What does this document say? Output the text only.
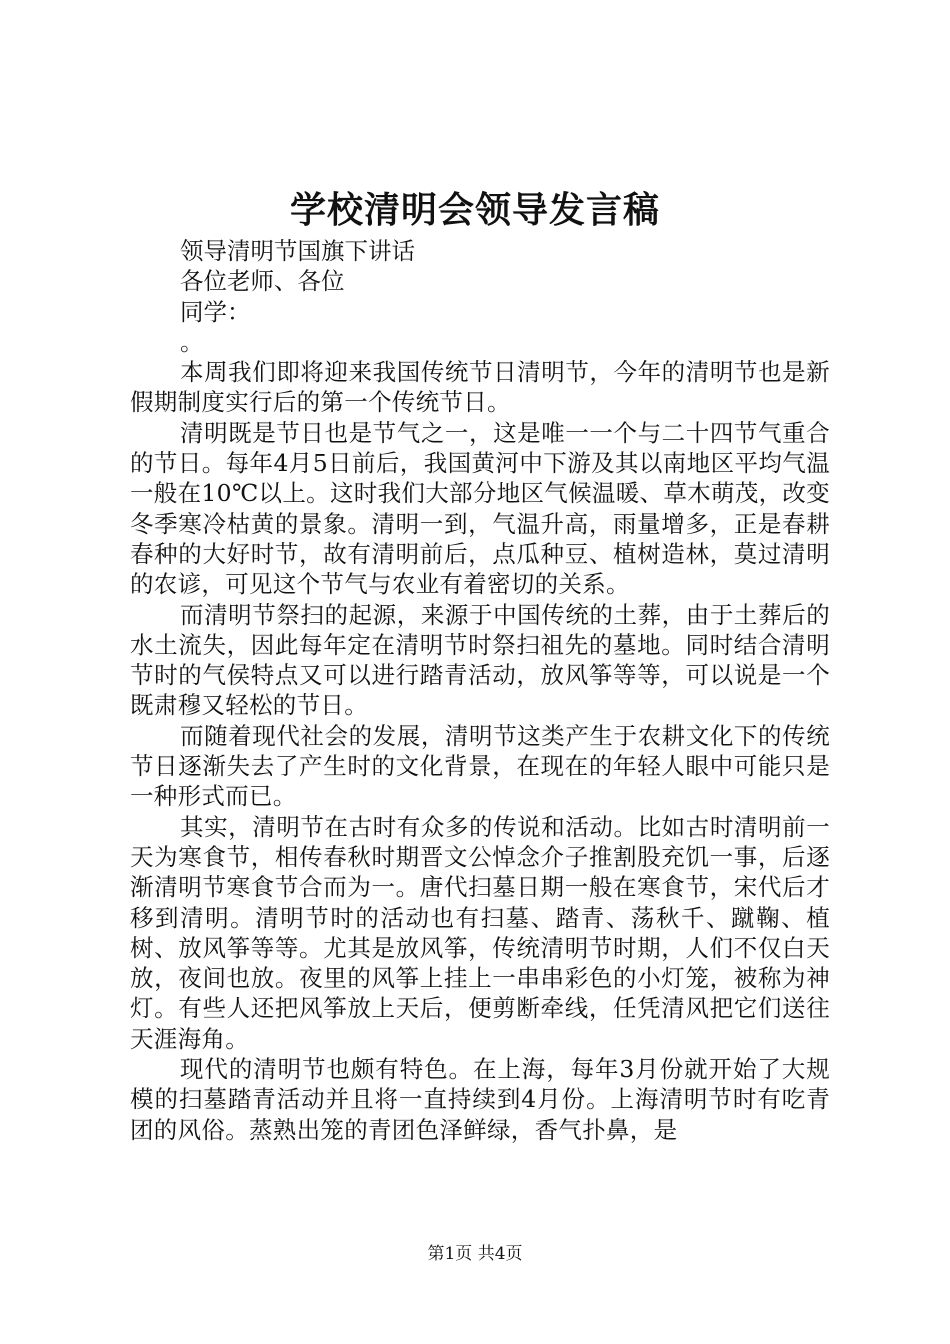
学校清明会领导发言稿

领导清明节国旗下讲话

各位老师、各位

同学：

。

本周我们即将迎来我国传统节日清明节，今年的清明节也是新假期制度实行后的第一个传统节日。

清明既是节日也是节气之一，这是唯一一个与二十四节气重合的节日。每年4月5日前后，我国黄河中下游及其以南地区平均气温一般在10℃以上。这时我们大部分地区气候温暖、草木萌茂，改变冬季寒冷枯黄的景象。清明一到，气温升高，雨量增多，正是春耕春种的大好时节，故有清明前后，点瓜种豆、植树造林，莫过清明的农谚，可见这个节气与农业有着密切的关系。

而清明节祭扫的起源，来源于中国传统的土葬，由于土葬后的水土流失，因此每年定在清明节时祭扫祖先的墓地。同时结合清明节时的气侯特点又可以进行踏青活动，放风筝等等，可以说是一个既肃穆又轻松的节日。

而随着现代社会的发展，清明节这类产生于农耕文化下的传统节日逐渐失去了产生时的文化背景，在现在的年轻人眼中可能只是一种形式而已。

其实，清明节在古时有众多的传说和活动。比如古时清明前一天为寒食节，相传春秋时期晋文公悼念介子推割股充饥一事，后逐渐清明节寒食节合而为一。唐代扫墓日期一般在寒食节，宋代后才移到清明。清明节时的活动也有扫墓、踏青、荡秋千、蹴鞠、植树、放风筝等等。尤其是放风筝，传统清明节时期，人们不仅白天放，夜间也放。夜里的风筝上挂上一串串彩色的小灯笼，被称为神灯。有些人还把风筝放上天后，便剪断牵线，任凭清风把它们送往天涯海角。

现代的清明节也颇有特色。在上海，每年3月份就开始了大规模的扫墓踏青活动并且将一直持续到4月份。上海清明节时有吃青团的风俗。蒸熟出笼的青团色泽鲜绿，香气扑鼻，是

第1页 共4页
